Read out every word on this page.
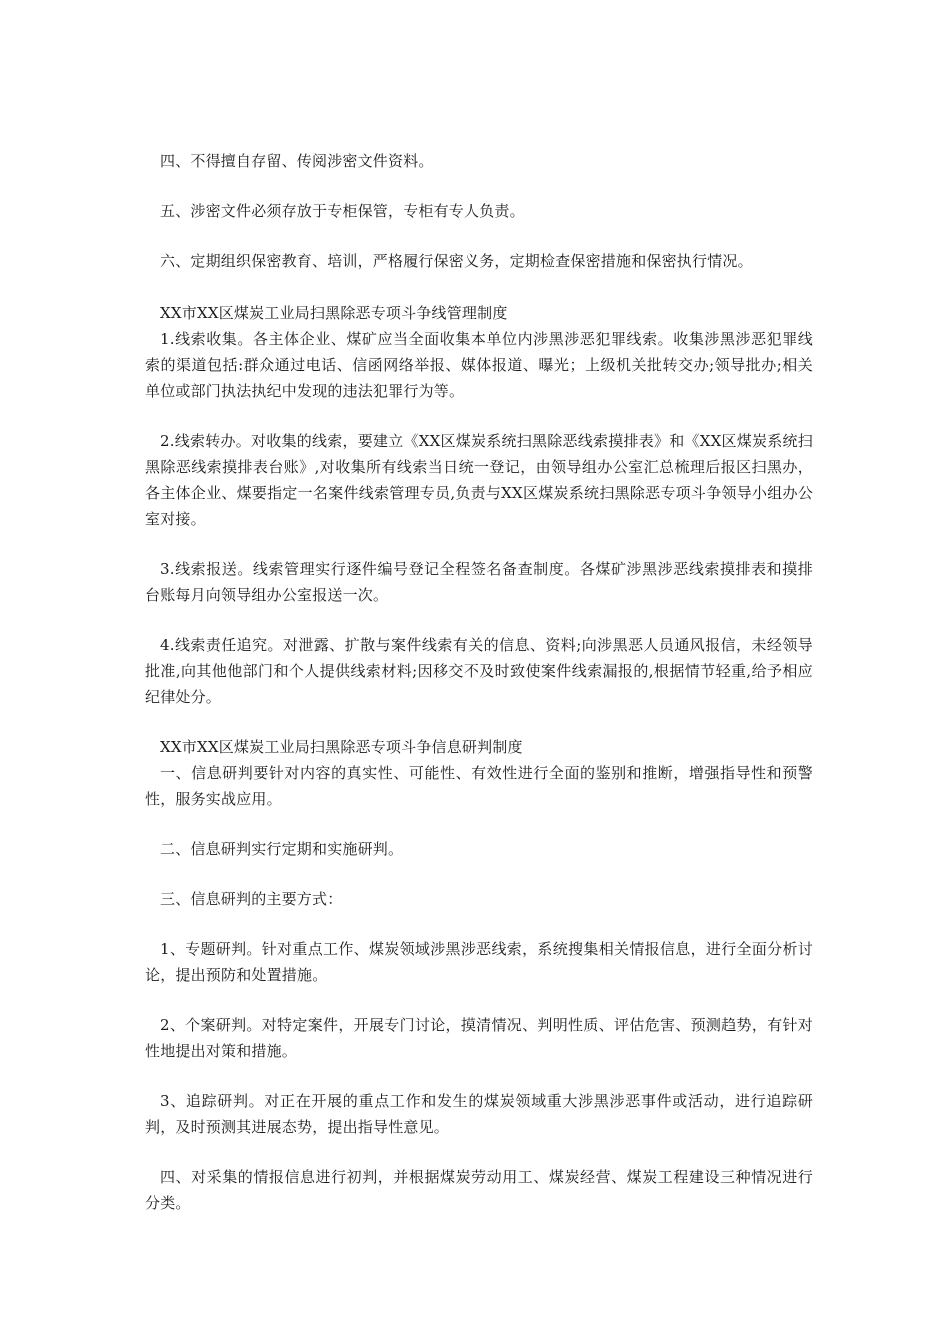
四、不得擅自存留、传阅涉密文件资料。

五、涉密文件必须存放于专柜保管，专柜有专人负责。

六、定期组织保密教育、培训，严格履行保密义务，定期检查保密措施和保密执行情况。

XX市XX区煤炭工业局扫黑除恶专项斗争线管理制度

1.线索收集。各主体企业、煤矿应当全面收集本单位内涉黑涉恶犯罪线索。收集涉黑涉恶犯罪线索的渠道包括:群众通过电话、信函网络举报、媒体报道、曝光；上级机关批转交办;领导批办;相关单位或部门执法执纪中发现的违法犯罪行为等。

2.线索转办。对收集的线索，要建立《XX区煤炭系统扫黑除恶线索摸排表》和《XX区煤炭系统扫黑除恶线索摸排表台账》,对收集所有线索当日统一登记，由领导组办公室汇总梳理后报区扫黑办，各主体企业、煤要指定一名案件线索管理专员,负责与XX区煤炭系统扫黑除恶专项斗争领导小组办公室对接。

3.线索报送。线索管理实行逐件编号登记全程签名备查制度。各煤矿涉黑涉恶线索摸排表和摸排台账每月向领导组办公室报送一次。

4.线索责任追究。对泄露、扩散与案件线索有关的信息、资料;向涉黑恶人员通风报信，未经领导批准,向其他他部门和个人提供线索材料;因移交不及时致使案件线索漏报的,根据情节轻重,给予相应纪律处分。

XX市XX区煤炭工业局扫黑除恶专项斗争信息研判制度

一、信息研判要针对内容的真实性、可能性、有效性进行全面的鉴别和推断，增强指导性和预警性，服务实战应用。

二、信息研判实行定期和实施研判。

三、信息研判的主要方式：

1、专题研判。针对重点工作、煤炭领域涉黑涉恶线索，系统搜集相关情报信息，进行全面分析讨论，提出预防和处置措施。

2、个案研判。对特定案件，开展专门讨论，摸清情况、判明性质、评估危害、预测趋势，有针对性地提出对策和措施。

3、追踪研判。对正在开展的重点工作和发生的煤炭领域重大涉黑涉恶事件或活动，进行追踪研判，及时预测其进展态势，提出指导性意见。

四、对采集的情报信息进行初判，并根据煤炭劳动用工、煤炭经营、煤炭工程建设三种情况进行分类。
